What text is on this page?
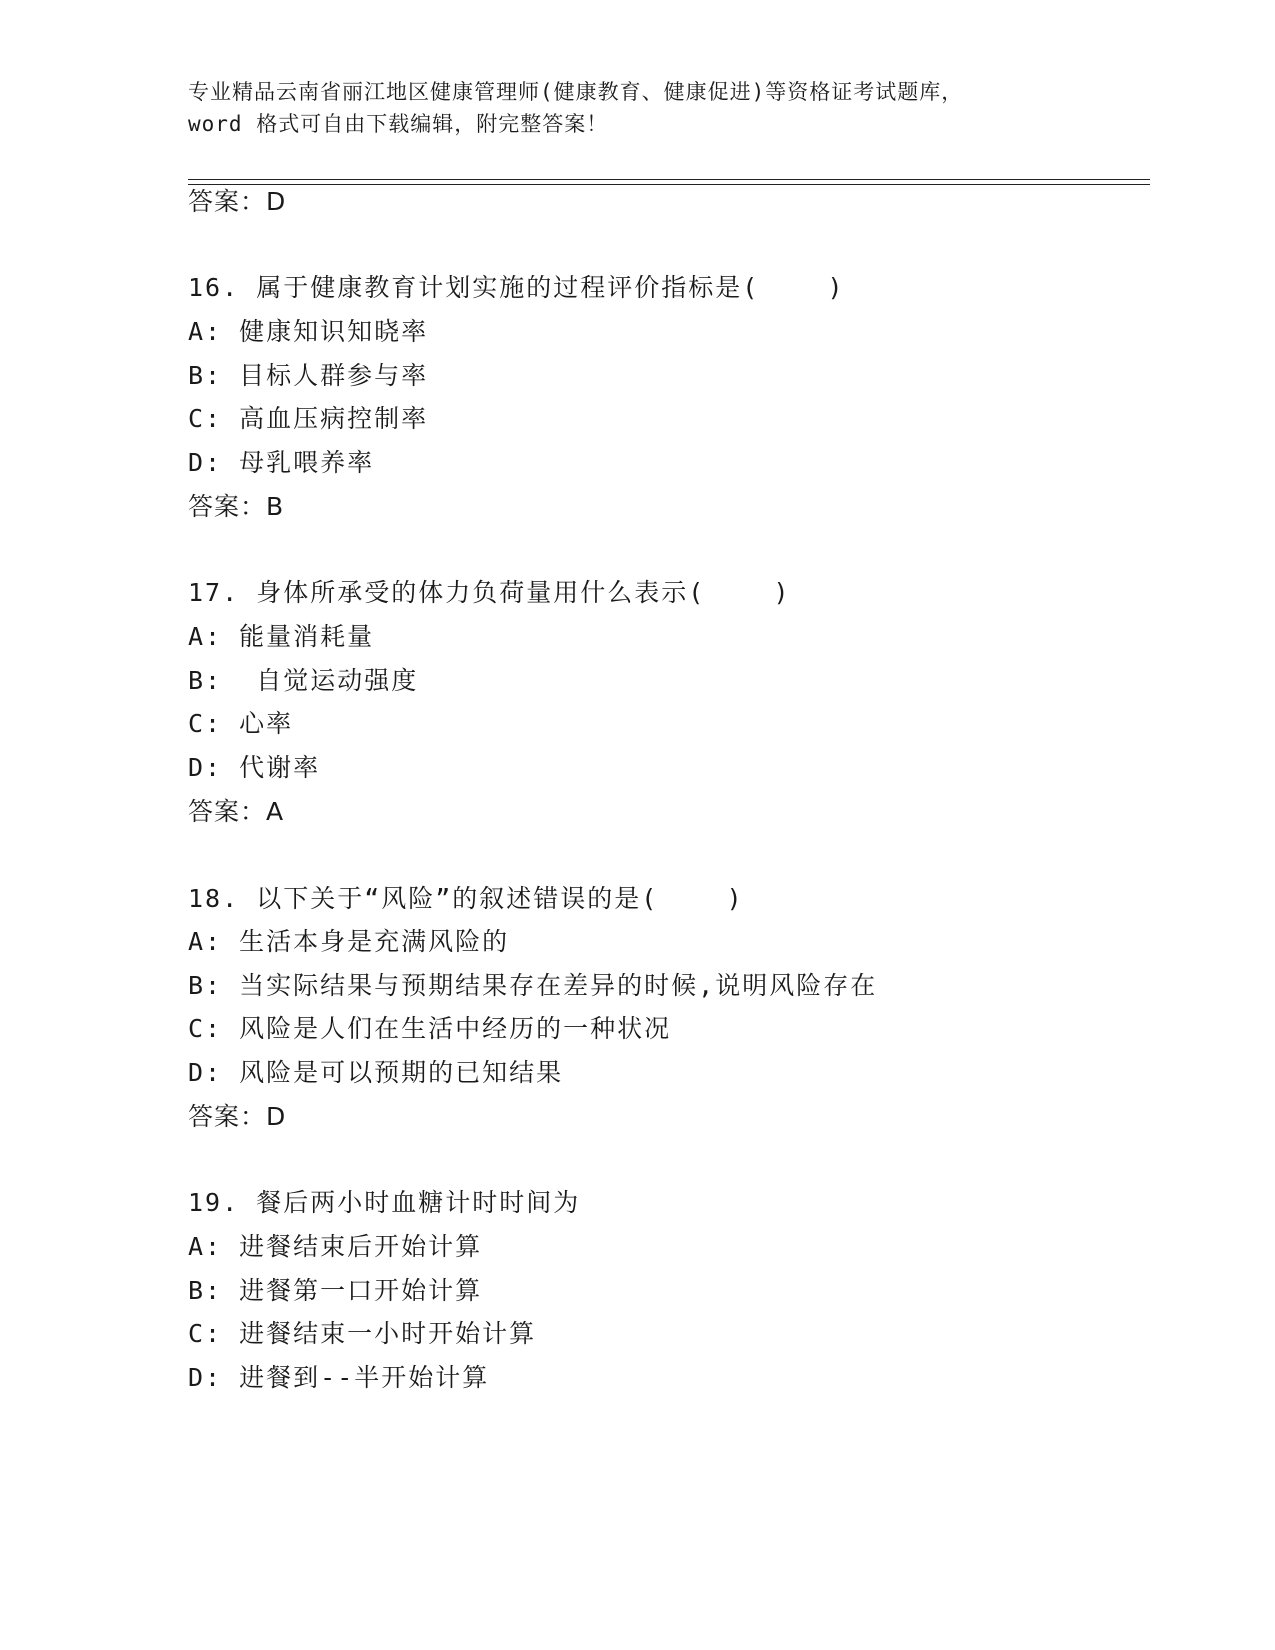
专业精品云南省丽江地区健康管理师(健康教育、健康促进)等资格证考试题库，
word 格式可自由下载编辑，附完整答案！
答案：D
16. 属于健康教育计划实施的过程评价指标是(    )
A: 健康知识知晓率
B: 目标人群参与率
C: 高血压病控制率
D: 母乳喂养率
答案：B
17. 身体所承受的体力负荷量用什么表示(    )
A: 能量消耗量
B:  自觉运动强度
C: 心率
D: 代谢率
答案：A
18. 以下关于“风险”的叙述错误的是(    )
A: 生活本身是充满风险的
B: 当实际结果与预期结果存在差异的时候,说明风险存在
C: 风险是人们在生活中经历的一种状况
D: 风险是可以预期的已知结果
答案：D
19. 餐后两小时血糖计时时间为
A: 进餐结束后开始计算
B: 进餐第一口开始计算
C: 进餐结束一小时开始计算
D: 进餐到--半开始计算
